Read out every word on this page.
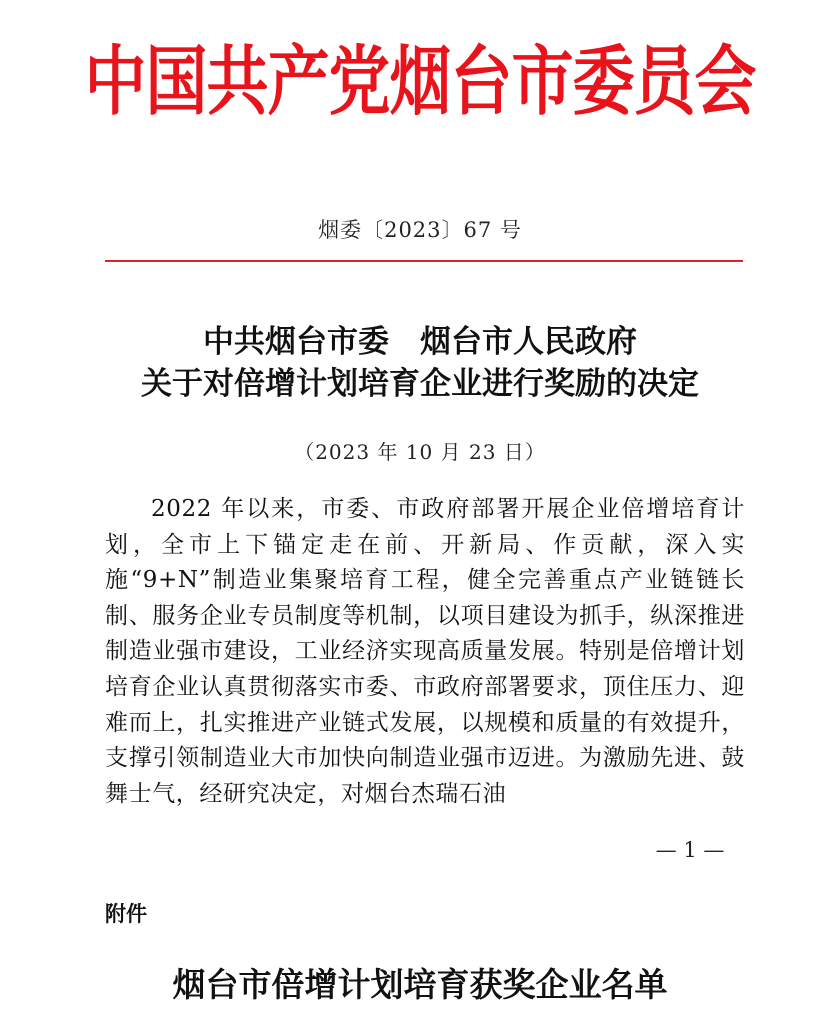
中国共产党烟台市委员会
烟委〔2023〕67 号
中共烟台市委　烟台市人民政府
关于对倍增计划培育企业进行奖励的决定
（2023 年 10 月 23 日）

2022 年以来，市委、市政府部署开展企业倍增培育计划，全市上下锚定走在前、开新局、作贡献，深入实施“9+N”制造业集聚培育工程，健全完善重点产业链链长制、服务企业专员制度等机制，以项目建设为抓手，纵深推进制造业强市建设，工业经济实现高质量发展。特别是倍增计划培育企业认真贯彻落实市委、市政府部署要求，顶住压力、迎难而上，扎实推进产业链式发展，以规模和质量的有效提升，支撑引领制造业大市加快向制造业强市迈进。为激励先进、鼓舞士气，经研究决定，对烟台杰瑞石油

— 1 —
附件
烟台市倍增计划培育获奖企业名单
